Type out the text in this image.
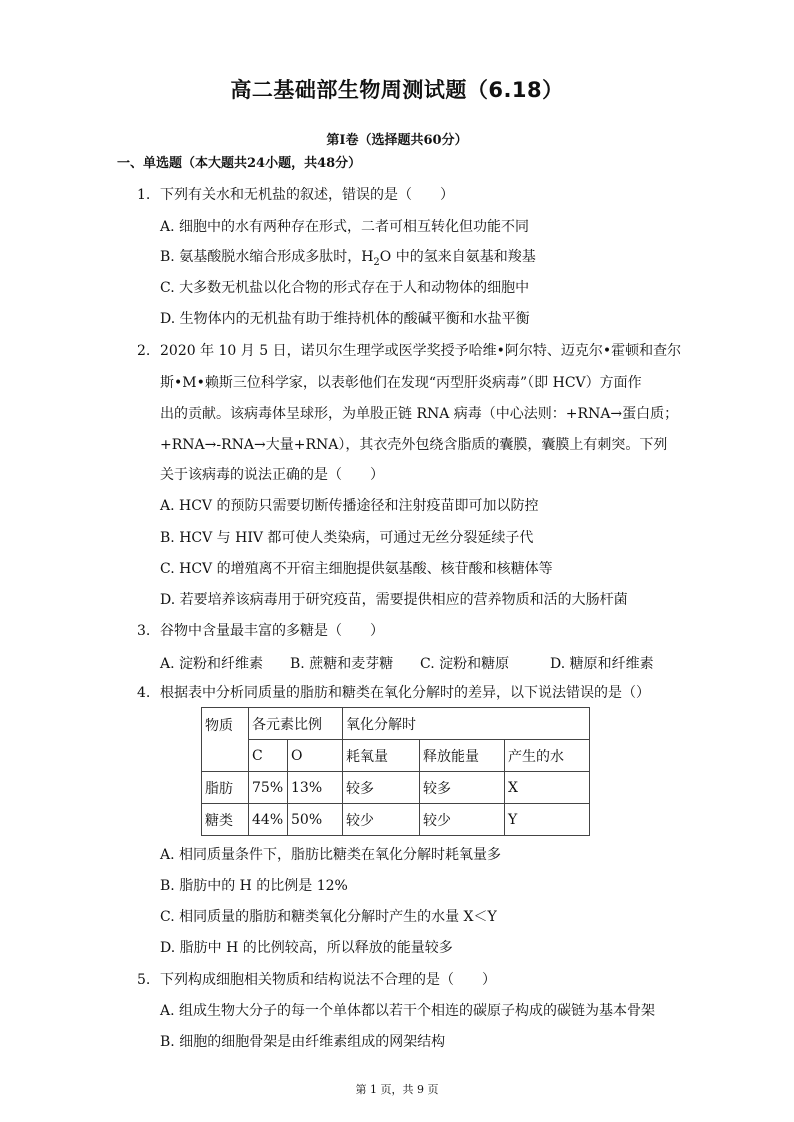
高二基础部生物周测试题（6.18）
第Ⅰ卷（选择题共60分）
一、单选题（本大题共24小题，共48分）
1. 下列有关水和无机盐的叙述，错误的是（　　）
A. 细胞中的水有两种存在形式，二者可相互转化但功能不同
B. 氨基酸脱水缩合形成多肽时，$H_2O$ 中的氢来自氨基和羧基
C. 大多数无机盐以化合物的形式存在于人和动物体的细胞中
D. 生物体内的无机盐有助于维持机体的酸碱平衡和水盐平衡
2. 2020 年 10 月 5 日，诺贝尔生理学或医学奖授予哈维•阿尔特、迈克尔•霍顿和查尔
斯•M•赖斯三位科学家，以表彰他们在发现“丙型肝炎病毒”（即 HCV）方面作
出的贡献。该病毒体呈球形，为单股正链 RNA 病毒（中心法则：+RNA→蛋白质；
+RNA→-RNA→大量+RNA），其衣壳外包绕含脂质的囊膜，囊膜上有刺突。下列
关于该病毒的说法正确的是（　　）
A. HCV 的预防只需要切断传播途径和注射疫苗即可加以防控
B. HCV 与 HIV 都可使人类染病，可通过无丝分裂延续子代
C. HCV 的增殖离不开宿主细胞提供氨基酸、核苷酸和核糖体等
D. 若要培养该病毒用于研究疫苗，需要提供相应的营养物质和活的大肠杆菌
3. 谷物中含量最丰富的多糖是（　　）
A. 淀粉和纤维素	B. 蔗糖和麦芽糖	C. 淀粉和糖原	D. 糖原和纤维素
4. 根据表中分析同质量的脂肪和糖类在氧化分解时的差异，以下说法错误的是（）
物质	各元素比例		氧化分解时		
	C	O	耗氧量	释放能量	产生的水
脂肪	75%	13%	较多	较多	X
糖类	44%	50%	较少	较少	Y
A. 相同质量条件下，脂肪比糖类在氧化分解时耗氧量多
B. 脂肪中的 H 的比例是 12%
C. 相同质量的脂肪和糖类氧化分解时产生的水量 X＜Y
D. 脂肪中 H 的比例较高，所以释放的能量较多
5. 下列构成细胞相关物质和结构说法不合理的是（　　）
A. 组成生物大分子的每一个单体都以若干个相连的碳原子构成的碳链为基本骨架
B. 细胞的细胞骨架是由纤维素组成的网架结构
第 1 页，共 9 页
